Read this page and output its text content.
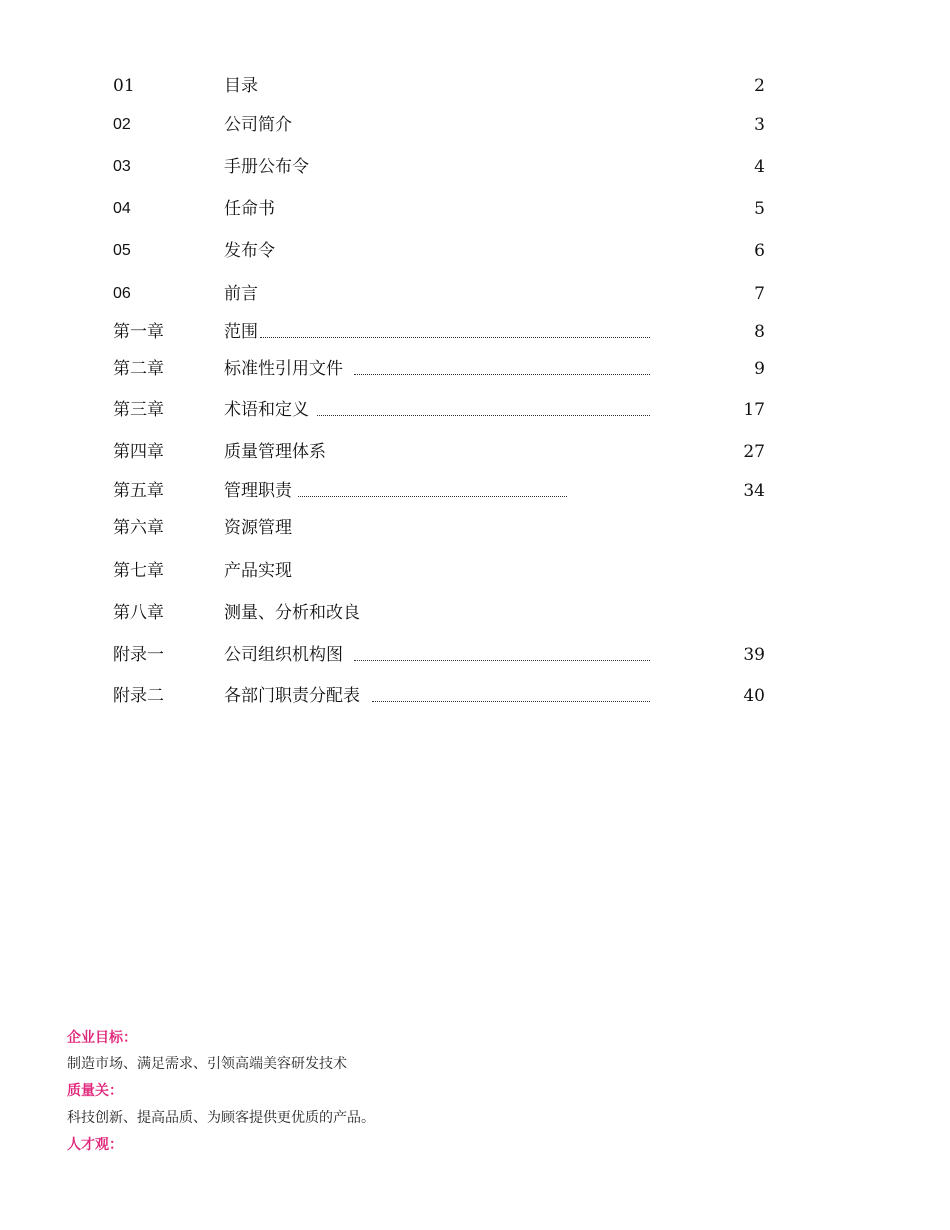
01	目录	2
02	公司简介	3
03	手册公布令	4
04	任命书	5
05	发布令	6
06	前言	7
第一章	范围	8
第二章	标准性引用文件	9
第三章	术语和定义	17
第四章	质量管理体系	27
第五章	管理职责	34
第六章	资源管理
第七章	产品实现
第八章	测量、分析和改良
附录一	公司组织机构图	39
附录二	各部门职责分配表	40
企业目标：
制造市场、满足需求、引领高端美容研发技术
质量关：
科技创新、提高品质、为顾客提供更优质的产品。
人才观：
